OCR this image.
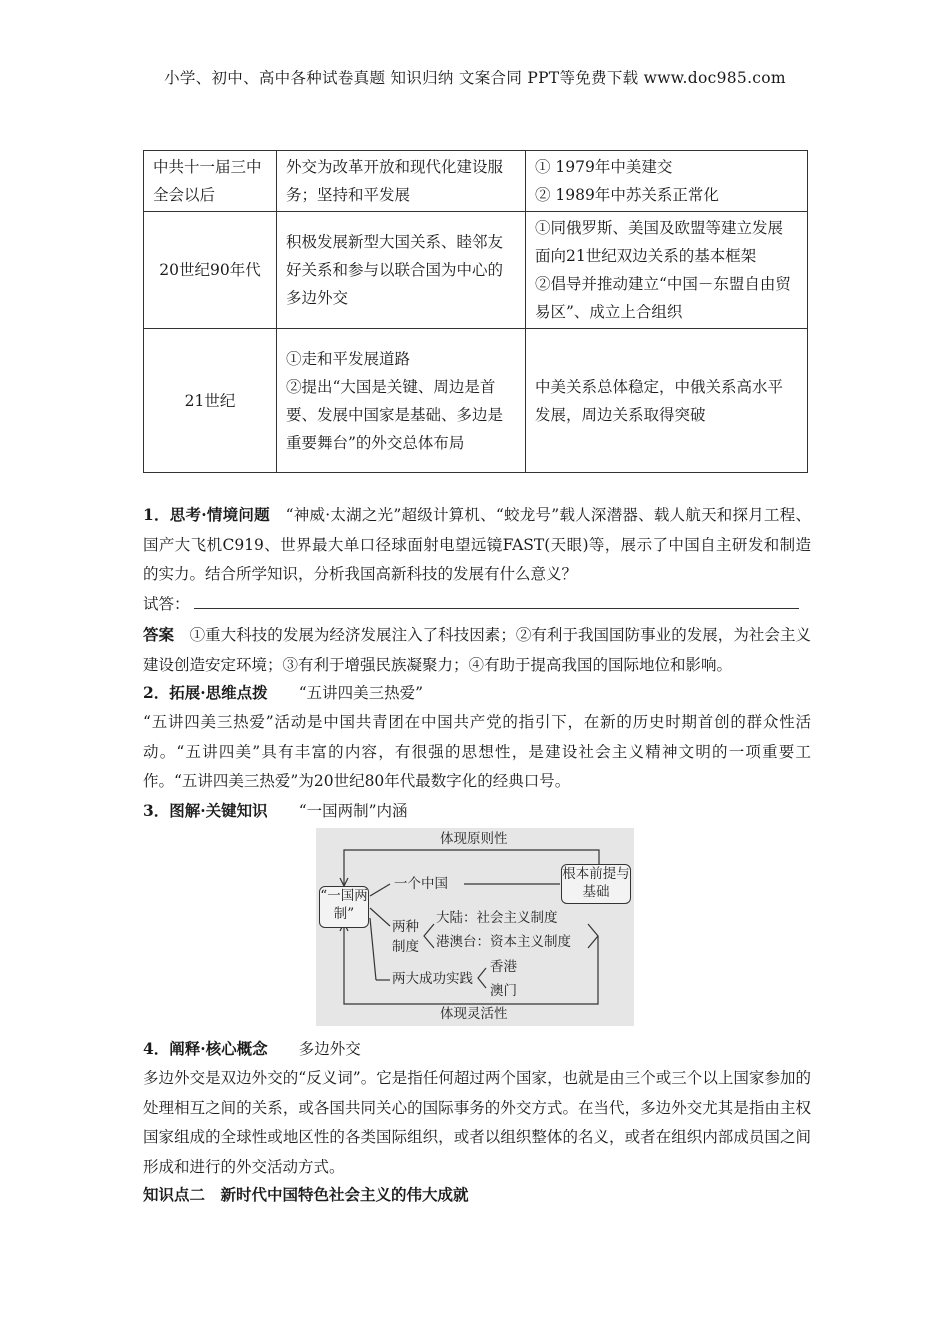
小学、初中、高中各种试卷真题 知识归纳 文案合同 PPT等免费下载 www.doc985.com
中共十一届三中全会以后	外交为改革开放和现代化建设服务；坚持和平发展	① 1979年中美建交
② 1989年中苏关系正常化

20世纪90年代	积极发展新型大国关系、睦邻友好关系和参与以联合国为中心的多边外交	①同俄罗斯、美国及欧盟等建立发展面向21世纪双边关系的基本框架
②倡导并推动建立“中国－东盟自由贸易区”、成立上合组织

21世纪	①走和平发展道路
②提出“大国是关键、周边是首要、发展中国家是基础、多边是重要舞台”的外交总体布局	中美关系总体稳定，中俄关系高水平发展，周边关系取得突破
1．思考·情境问题　 “神威·太湖之光”超级计算机、“蛟龙号”载人深潜器、载人航天和探月工程、国产大飞机C919、世界最大单口径球面射电望远镜FAST(天眼)等，展示了中国自主研发和制造的实力。结合所学知识，分析我国高新科技的发展有什么意义？
试答：
答案　 ①重大科技的发展为经济发展注入了科技因素；②有利于我国国防事业的发展，为社会主义建设创造安定环境；③有利于增强民族凝聚力；④有助于提高我国的国际地位和影响。
2．拓展·思维点拨　　 “五讲四美三热爱”
“五讲四美三热爱”活动是中国共青团在中国共产党的指引下，在新的历史时期首创的群众性活动。“五讲四美”具有丰富的内容，有很强的思想性，是建设社会主义精神文明的一项重要工作。“五讲四美三热爱”为20世纪80年代最数字化的经典口号。
3．图解·关键知识　　 “一国两制”内涵
体现原则性
体现灵活性
“一国两制”
一个中国
根本前提与基础
两种制度
大陆：社会主义制度
港澳台：资本主义制度
两大成功实践
香港
澳门
4．阐释·核心概念　　 多边外交
多边外交是双边外交的“反义词”。它是指任何超过两个国家，也就是由三个或三个以上国家参加的处理相互之间的关系，或各国共同关心的国际事务的外交方式。在当代，多边外交尤其是指由主权国家组成的全球性或地区性的各类国际组织，或者以组织整体的名义，或者在组织内部成员国之间形成和进行的外交活动方式。
知识点二　新时代中国特色社会主义的伟大成就
